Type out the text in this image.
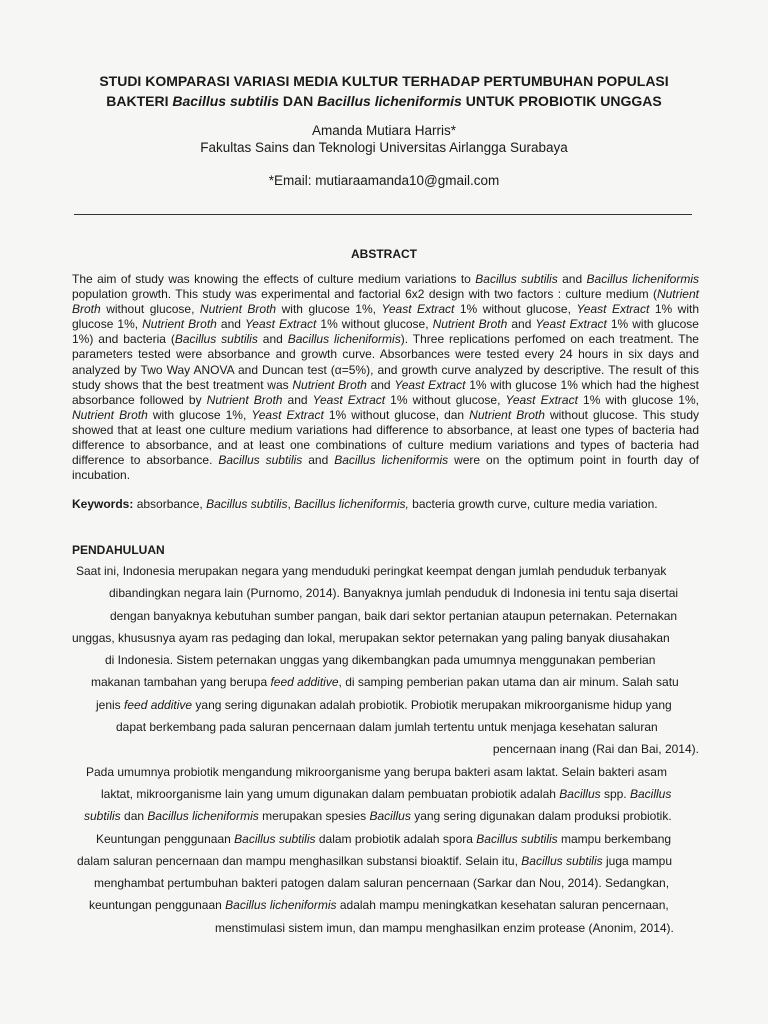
STUDI KOMPARASI VARIASI MEDIA KULTUR TERHADAP PERTUMBUHAN POPULASI
BAKTERI Bacillus subtilis DAN Bacillus licheniformis UNTUK PROBIOTIK UNGGAS
Amanda Mutiara Harris*
Fakultas Sains dan Teknologi Universitas Airlangga Surabaya
*Email: mutiaraamanda10@gmail.com
ABSTRACT

The aim of study was knowing the effects of culture medium variations to Bacillus subtilis and Bacillus licheniformis population growth. This study was experimental and factorial 6x2 design with two factors : culture medium (Nutrient Broth without glucose, Nutrient Broth with glucose 1%, Yeast Extract 1% without glucose, Yeast Extract 1% with glucose 1%, Nutrient Broth and Yeast Extract 1% without glucose, Nutrient Broth and Yeast Extract 1% with glucose 1%) and bacteria (Bacillus subtilis and Bacillus licheniformis). Three replications perfomed on each treatment. The parameters tested were absorbance and growth curve. Absorbances were tested every 24 hours in six days and analyzed by Two Way ANOVA and Duncan test (α=5%), and growth curve analyzed by descriptive. The result of this study shows that the best treatment was Nutrient Broth and Yeast Extract 1% with glucose 1% which had the highest absorbance followed by Nutrient Broth and Yeast Extract 1% without glucose, Yeast Extract 1% with glucose 1%, Nutrient Broth with glucose 1%, Yeast Extract 1% without glucose, dan Nutrient Broth without glucose. This study showed that at least one culture medium variations had difference to absorbance, at least one types of bacteria had difference to absorbance, and at least one combinations of culture medium variations and types of bacteria had difference to absorbance. Bacillus subtilis and Bacillus licheniformis were on the optimum point in fourth day of incubation.

Keywords: absorbance, Bacillus subtilis, Bacillus licheniformis, bacteria growth curve, culture media variation.

PENDAHULUAN
Saat ini, Indonesia merupakan negara yang menduduki peringkat keempat dengan jumlah penduduk terbanyak
dibandingkan negara lain (Purnomo, 2014). Banyaknya jumlah penduduk di Indonesia ini tentu saja disertai
dengan banyaknya kebutuhan sumber pangan, baik dari sektor pertanian ataupun peternakan. Peternakan
unggas, khususnya ayam ras pedaging dan lokal, merupakan sektor peternakan yang paling banyak diusahakan
di Indonesia. Sistem peternakan unggas yang dikembangkan pada umumnya menggunakan pemberian
makanan tambahan yang berupa feed additive, di samping pemberian pakan utama dan air minum. Salah satu
jenis feed additive yang sering digunakan adalah probiotik. Probiotik merupakan mikroorganisme hidup yang
dapat berkembang pada saluran pencernaan dalam jumlah tertentu untuk menjaga kesehatan saluran
pencernaan inang (Rai dan Bai, 2014).
Pada umumnya probiotik mengandung mikroorganisme yang berupa bakteri asam laktat. Selain bakteri asam
laktat, mikroorganisme lain yang umum digunakan dalam pembuatan probiotik adalah Bacillus spp. Bacillus
subtilis dan Bacillus licheniformis merupakan spesies Bacillus yang sering digunakan dalam produksi probiotik.
Keuntungan penggunaan Bacillus subtilis dalam probiotik adalah spora Bacillus subtilis mampu berkembang
dalam saluran pencernaan dan mampu menghasilkan substansi bioaktif. Selain itu, Bacillus subtilis juga mampu
menghambat pertumbuhan bakteri patogen dalam saluran pencernaan (Sarkar dan Nou, 2014). Sedangkan,
keuntungan penggunaan Bacillus licheniformis adalah mampu meningkatkan kesehatan saluran pencernaan,
menstimulasi sistem imun, dan mampu menghasilkan enzim protease (Anonim, 2014).
